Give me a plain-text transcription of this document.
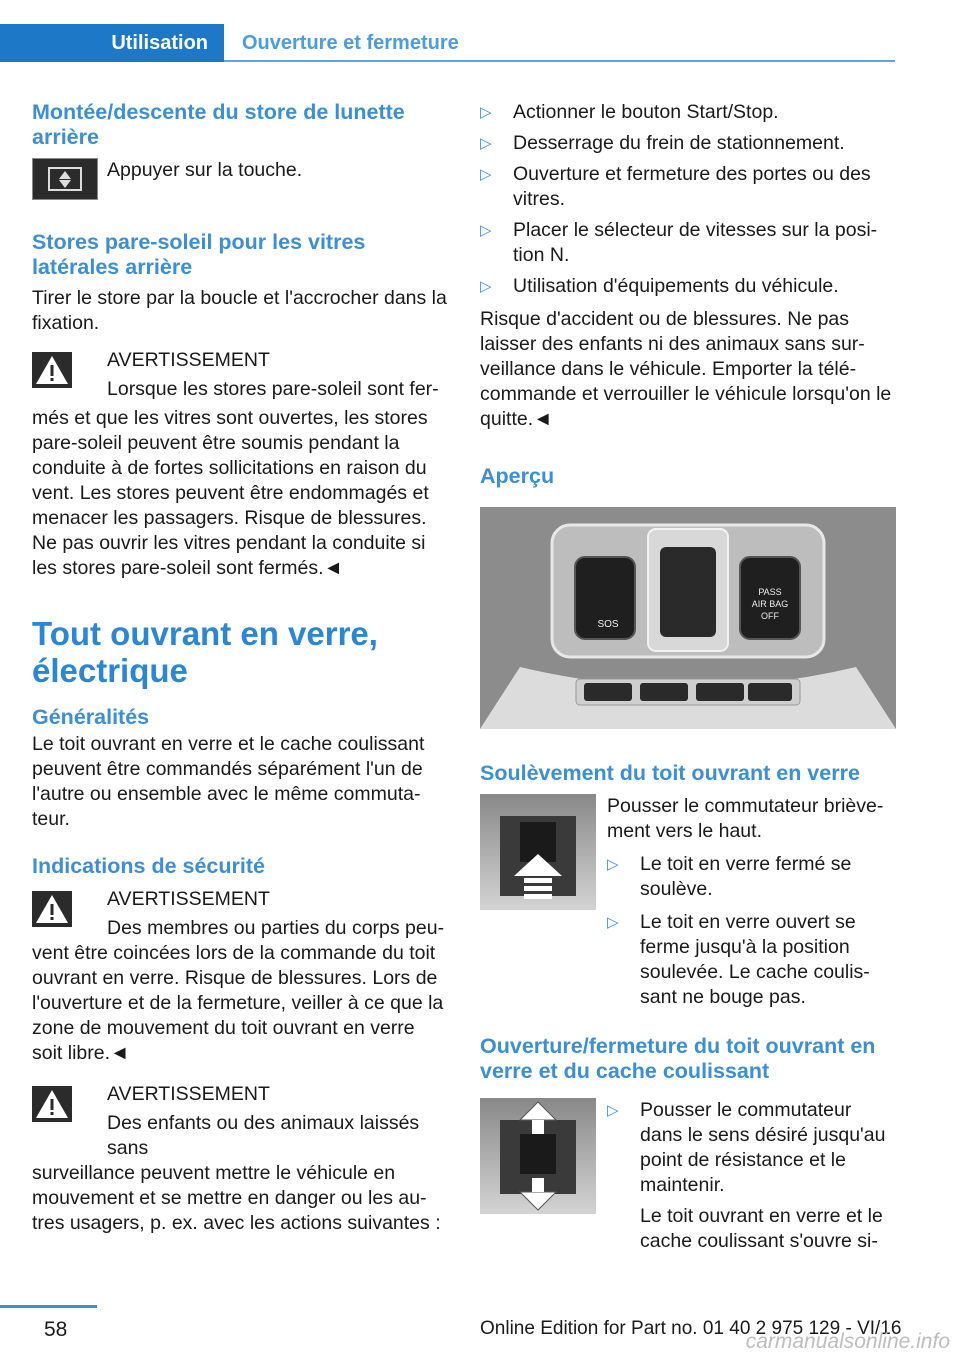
Utilisation	Ouverture et fermeture
Montée/descente du store de lunette arrière

Appuyer sur la touche.

Stores pare-soleil pour les vitres latérales arrière

Tirer le store par la boucle et l'accrocher dans la fixation.

AVERTISSEMENT

Lorsque les stores pare-soleil sont fer-

més et que les vitres sont ouvertes, les stores pare-soleil peuvent être soumis pendant la conduite à de fortes sollicitations en raison du vent. Les stores peuvent être endommagés et menacer les passagers. Risque de blessures. Ne pas ouvrir les vitres pendant la conduite si les stores pare-soleil sont fermés.◄

Tout ouvrant en verre, électrique
Généralités

Le toit ouvrant en verre et le cache coulissant peuvent être commandés séparément l'un de l'autre ou ensemble avec le même commuta-teur.

Indications de sécurité

AVERTISSEMENT

Des membres ou parties du corps peu-

vent être coincées lors de la commande du toit ouvrant en verre. Risque de blessures. Lors de l'ouverture et de la fermeture, veiller à ce que la zone de mouvement du toit ouvrant en verre soit libre.◄

AVERTISSEMENT

Des enfants ou des animaux laissés sans

surveillance peuvent mettre le véhicule en mouvement et se mettre en danger ou les au-tres usagers, p. ex. avec les actions suivantes :

▷ Actionner le bouton Start/Stop.
▷ Desserrage du frein de stationnement.
▷ Ouverture et fermeture des portes ou des vitres.
▷ Placer le sélecteur de vitesses sur la posi-tion N.
▷ Utilisation d'équipements du véhicule.

Risque d'accident ou de blessures. Ne pas laisser des enfants ni des animaux sans sur-veillance dans le véhicule. Emporter la télé-commande et verrouiller le véhicule lorsqu'on le quitte.◄

Aperçu
SOS
PASS
AIR BAG
OFF
Soulèvement du toit ouvrant en verre

Pousser le commutateur briève-ment vers le haut.

▷ Le toit en verre fermé se soulève.
▷ Le toit en verre ouvert se ferme jusqu'à la position soulevée. Le cache coulis-sant ne bouge pas.
Ouverture/fermeture du toit ouvrant en verre et du cache coulissant
▷ Pousser le commutateur dans le sens désiré jusqu'au point de résistance et le maintenir.

Le toit ouvrant en verre et le cache coulissant s'ouvre si-

58	Online Edition for Part no. 01 40 2 975 129 - VI/16
carmanualsonline.info
